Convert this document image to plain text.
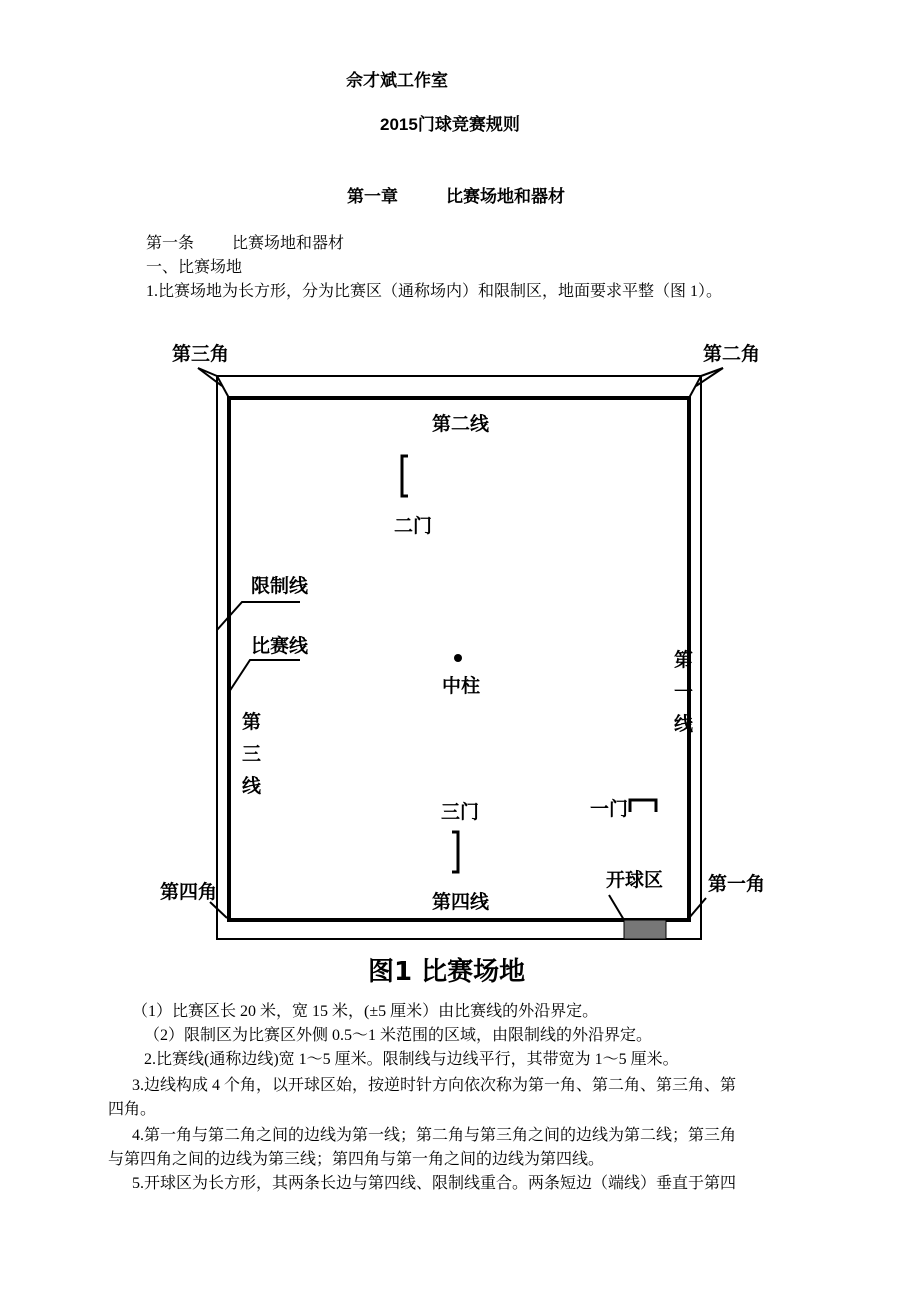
佘才斌工作室
2015门球竞赛规则
第一章	比赛场地和器材
第一条 比赛场地和器材
一、比赛场地
1.比赛场地为长方形，分为比赛区（通称场内）和限制区，地面要求平整（图 1）。
第三角	第二角
第四角	第一角
第二线
第四线
限制线
比赛线
中柱
二门
三门	一门
开球区
图1 比赛场地
第三线
第一线
（1）比赛区长 20 米，宽 15 米，(±5 厘米）由比赛线的外沿界定。
（2）限制区为比赛区外侧 0.5～1 米范围的区域，由限制线的外沿界定。
2.比赛线(通称边线)宽 1～5 厘米。限制线与边线平行，其带宽为 1～5 厘米。
3.边线构成 4 个角，以开球区始，按逆时针方向依次称为第一角、第二角、第三角、第
四角。
4.第一角与第二角之间的边线为第一线；第二角与第三角之间的边线为第二线；第三角
与第四角之间的边线为第三线；第四角与第一角之间的边线为第四线。
5.开球区为长方形，其两条长边与第四线、限制线重合。两条短边（端线）垂直于第四
